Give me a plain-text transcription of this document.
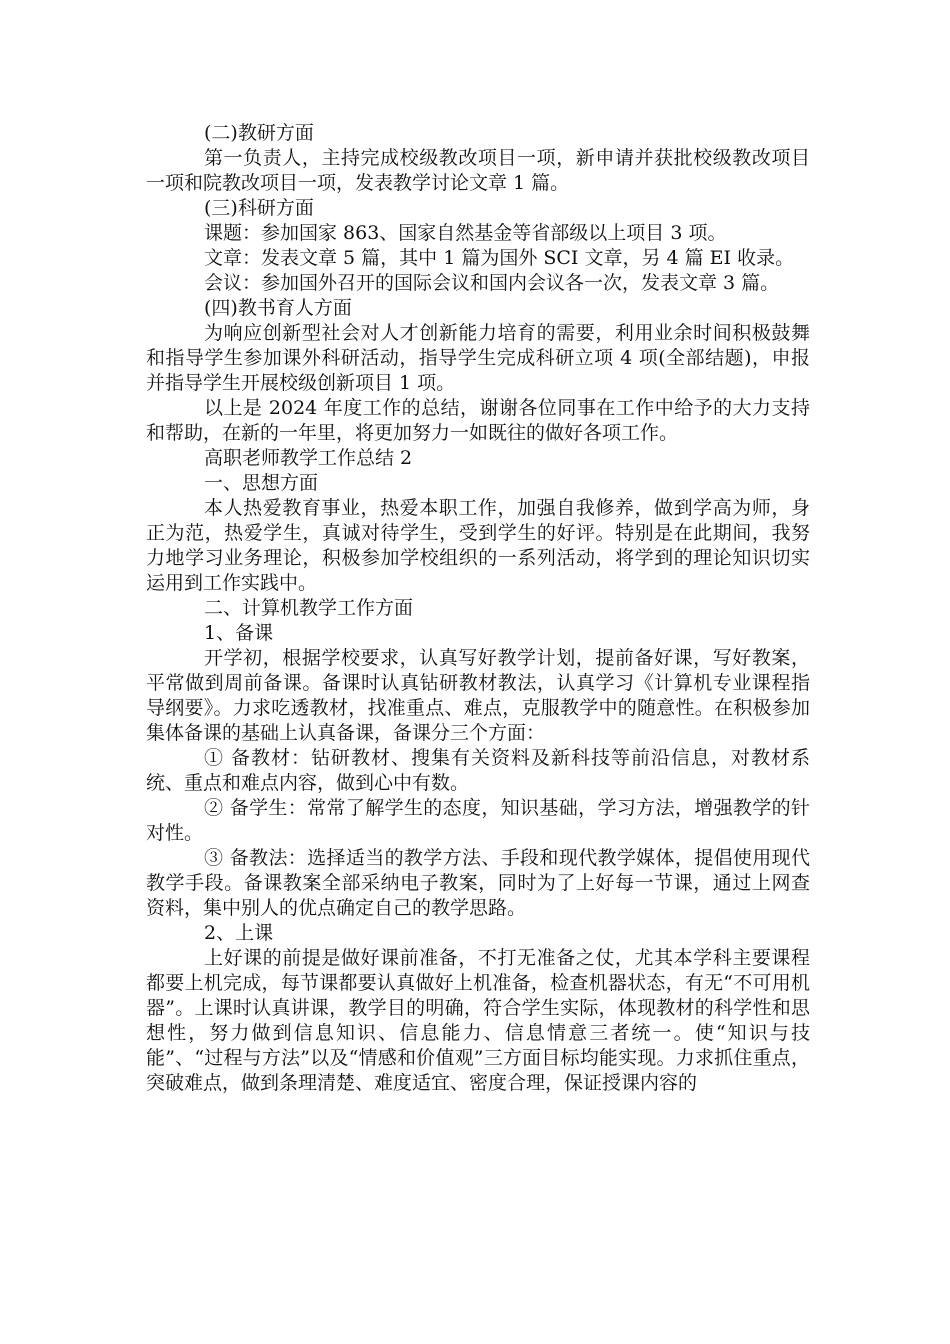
(二)教研方面

第一负责人，主持完成校级教改项目一项，新申请并获批校级教改项目一项和院教改项目一项，发表教学讨论文章 1 篇。

(三)科研方面

课题：参加国家 863、国家自然基金等省部级以上项目 3 项。

文章：发表文章 5 篇，其中 1 篇为国外 SCI 文章，另 4 篇 EI 收录。

会议：参加国外召开的国际会议和国内会议各一次，发表文章 3 篇。

(四)教书育人方面

为响应创新型社会对人才创新能力培育的需要，利用业余时间积极鼓舞和指导学生参加课外科研活动，指导学生完成科研立项 4 项(全部结题)，申报并指导学生开展校级创新项目 1 项。

以上是 2024 年度工作的总结，谢谢各位同事在工作中给予的大力支持和帮助，在新的一年里，将更加努力一如既往的做好各项工作。

高职老师教学工作总结 2

一、思想方面

本人热爱教育事业，热爱本职工作，加强自我修养，做到学高为师，身正为范，热爱学生，真诚对待学生，受到学生的好评。特别是在此期间，我努力地学习业务理论，积极参加学校组织的一系列活动，将学到的理论知识切实运用到工作实践中。

二、计算机教学工作方面

1、备课

开学初，根据学校要求，认真写好教学计划，提前备好课，写好教案，平常做到周前备课。备课时认真钻研教材教法，认真学习《计算机专业课程指导纲要》。力求吃透教材，找准重点、难点，克服教学中的随意性。在积极参加集体备课的基础上认真备课，备课分三个方面：

① 备教材：钻研教材、搜集有关资料及新科技等前沿信息，对教材系统、重点和难点内容，做到心中有数。

② 备学生：常常了解学生的态度，知识基础，学习方法，增强教学的针对性。

③ 备教法：选择适当的教学方法、手段和现代教学媒体，提倡使用现代教学手段。备课教案全部采纳电子教案，同时为了上好每一节课，通过上网查资料，集中别人的优点确定自己的教学思路。

2、上课

上好课的前提是做好课前准备，不打无准备之仗，尤其本学科主要课程都要上机完成，每节课都要认真做好上机准备，检查机器状态，有无“不可用机器”。上课时认真讲课，教学目的明确，符合学生实际，体现教材的科学性和思想性，努力做到信息知识、信息能力、信息情意三者统一。使“知识与技能”、“过程与方法”以及“情感和价值观”三方面目标均能实现。力求抓住重点，突破难点，做到条理清楚、难度适宜、密度合理，保证授课内容的
